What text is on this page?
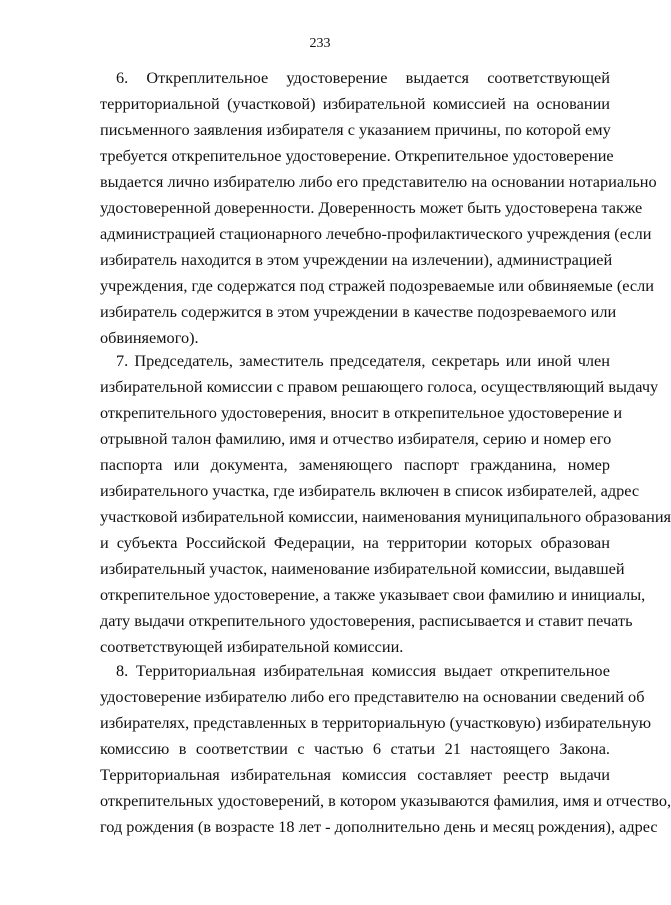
233
6. Откреплительное удостоверение выдается соответствующей
территориальной (участковой) избирательной комиссией на основании
письменного заявления избирателя с указанием причины, по которой ему
требуется открепительное удостоверение. Открепительное удостоверение
выдается лично избирателю либо его представителю на основании нотариально
удостоверенной доверенности. Доверенность может быть удостоверена также
администрацией стационарного лечебно-профилактического учреждения (если
избиратель находится в этом учреждении на излечении), администрацией
учреждения, где содержатся под стражей подозреваемые или обвиняемые (если
избиратель содержится в этом учреждении в качестве подозреваемого или
обвиняемого).
7. Председатель, заместитель председателя, секретарь или иной член
избирательной комиссии с правом решающего голоса, осуществляющий выдачу
открепительного удостоверения, вносит в открепительное удостоверение и
отрывной талон фамилию, имя и отчество избирателя, серию и номер его
паспорта или документа, заменяющего паспорт гражданина, номер
избирательного участка, где избиратель включен в список избирателей, адрес
участковой избирательной комиссии, наименования муниципального образования
и субъекта Российской Федерации, на территории которых образован
избирательный участок, наименование избирательной комиссии, выдавшей
открепительное удостоверение, а также указывает свои фамилию и инициалы,
дату выдачи открепительного удостоверения, расписывается и ставит печать
соответствующей избирательной комиссии.
8. Территориальная избирательная комиссия выдает открепительное
удостоверение избирателю либо его представителю на основании сведений об
избирателях, представленных в территориальную (участковую) избирательную
комиссию в соответствии с частью 6 статьи 21 настоящего Закона.
Территориальная избирательная комиссия составляет реестр выдачи
открепительных удостоверений, в котором указываются фамилия, имя и отчество,
год рождения (в возрасте 18 лет - дополнительно день и месяц рождения), адрес
